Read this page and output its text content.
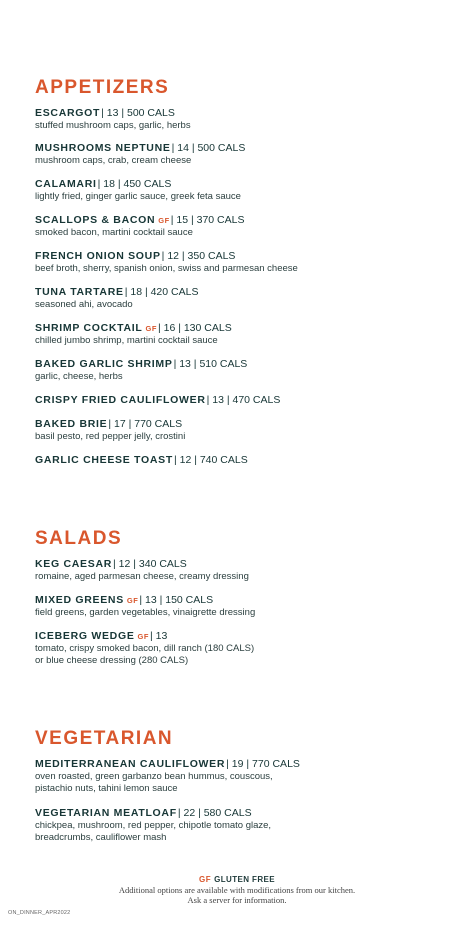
APPETIZERS
ESCARGOT| 13 | 500 CALS
stuffed mushroom caps, garlic, herbs
MUSHROOMS NEPTUNE| 14 | 500 CALS
mushroom caps, crab, cream cheese
CALAMARI| 18 | 450 CALS
lightly fried, ginger garlic sauce, greek feta sauce
SCALLOPS & BACON GF| 15 | 370 CALS
smoked bacon, martini cocktail sauce
FRENCH ONION SOUP| 12 | 350 CALS
beef broth, sherry, spanish onion, swiss and parmesan cheese
TUNA TARTARE| 18 | 420 CALS
seasoned ahi, avocado
SHRIMP COCKTAIL GF| 16 | 130 CALS
chilled jumbo shrimp, martini cocktail sauce
BAKED GARLIC SHRIMP| 13 | 510 CALS
garlic, cheese, herbs
CRISPY FRIED CAULIFLOWER| 13 | 470 CALS
BAKED BRIE| 17 | 770 CALS
basil pesto, red pepper jelly, crostini
GARLIC CHEESE TOAST| 12 | 740 CALS
SALADS
KEG CAESAR| 12 | 340 CALS
romaine, aged parmesan cheese, creamy dressing
MIXED GREENS GF| 13 | 150 CALS
field greens, garden vegetables, vinaigrette dressing
ICEBERG WEDGE GF| 13
tomato, crispy smoked bacon, dill ranch (180 CALS)
or blue cheese dressing (280 CALS)
VEGETARIAN
MEDITERRANEAN CAULIFLOWER| 19 | 770 CALS
oven roasted, green garbanzo bean hummus, couscous,
pistachio nuts, tahini lemon sauce
VEGETARIAN MEATLOAF| 22 | 580 CALS
chickpea, mushroom, red pepper, chipotle tomato glaze,
breadcrumbs, cauliflower mash
GF GLUTEN FREE
Additional options are available with modifications from our kitchen.
Ask a server for information.
ON_DINNER_APR2022
